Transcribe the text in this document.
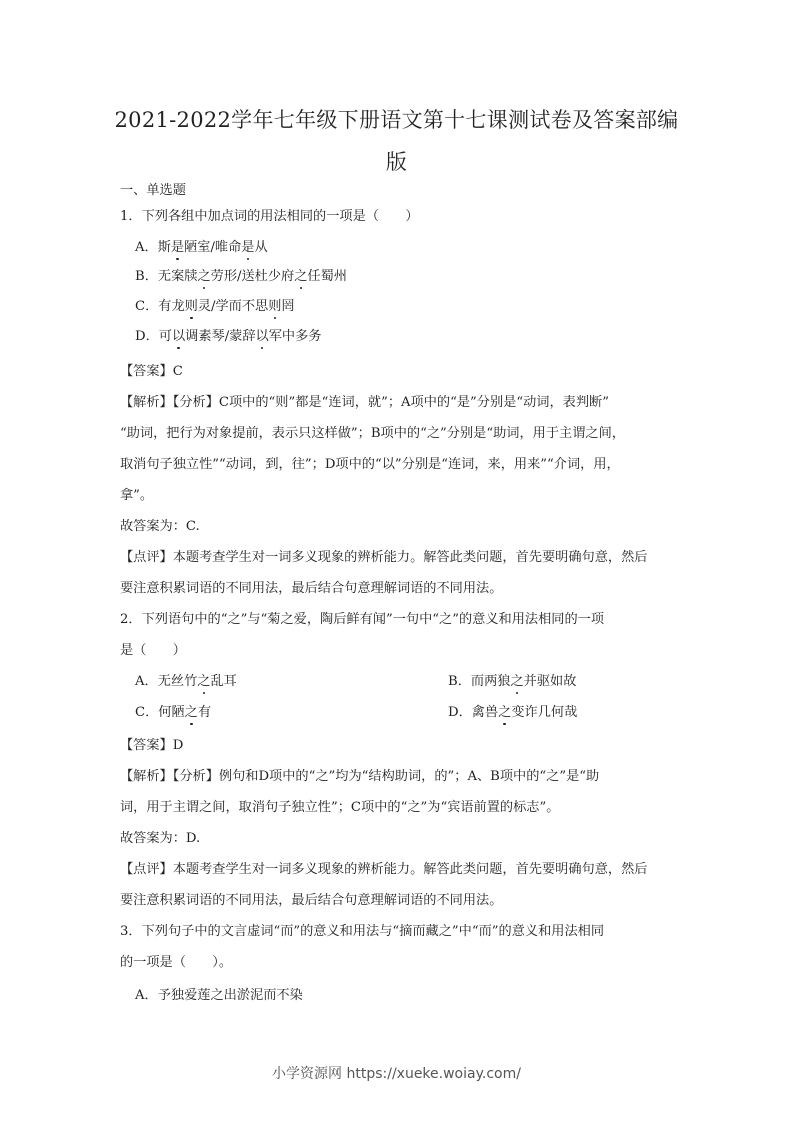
2021-2022学年七年级下册语文第十七课测试卷及答案部编
版
一、单选题
1．下列各组中加点词的用法相同的一项是（　　）
A．斯是陋室/唯命是从
B．无案牍之劳形/送杜少府之任蜀州
C．有龙则灵/学而不思则罔
D．可以调素琴/蒙辞以军中多务
【答案】C
【解析】【分析】C项中的“则”都是“连词，就”；A项中的“是”分别是“动词，表判断”
“助词，把行为对象提前，表示只这样做”；B项中的“之”分别是“助词，用于主谓之间，
取消句子独立性”“动词，到，往”；D项中的“以”分别是“连词，来，用来”“介词，用，
拿”。
故答案为：C.
【点评】本题考查学生对一词多义现象的辨析能力。解答此类问题，首先要明确句意，然后
要注意积累词语的不同用法，最后结合句意理解词语的不同用法。
2．下列语句中的“之”与“菊之爱，陶后鲜有闻”一句中“之”的意义和用法相同的一项
是（　　）
A．无丝竹之乱耳	B．而两狼之并驱如故
C．何陋之有	D．禽兽之变诈几何哉
【答案】D
【解析】【分析】例句和D项中的“之”均为“结构助词，的”；A、B项中的“之”是“助
词，用于主谓之间，取消句子独立性”；C项中的“之”为“宾语前置的标志”。
故答案为：D.
【点评】本题考查学生对一词多义现象的辨析能力。解答此类问题，首先要明确句意，然后
要注意积累词语的不同用法，最后结合句意理解词语的不同用法。
3．下列句子中的文言虚词“而”的意义和用法与“摘而藏之”中“而”的意义和用法相同
的一项是（　　）。
A．予独爱莲之出淤泥而不染
小学资源网 https://xueke.woiay.com/
